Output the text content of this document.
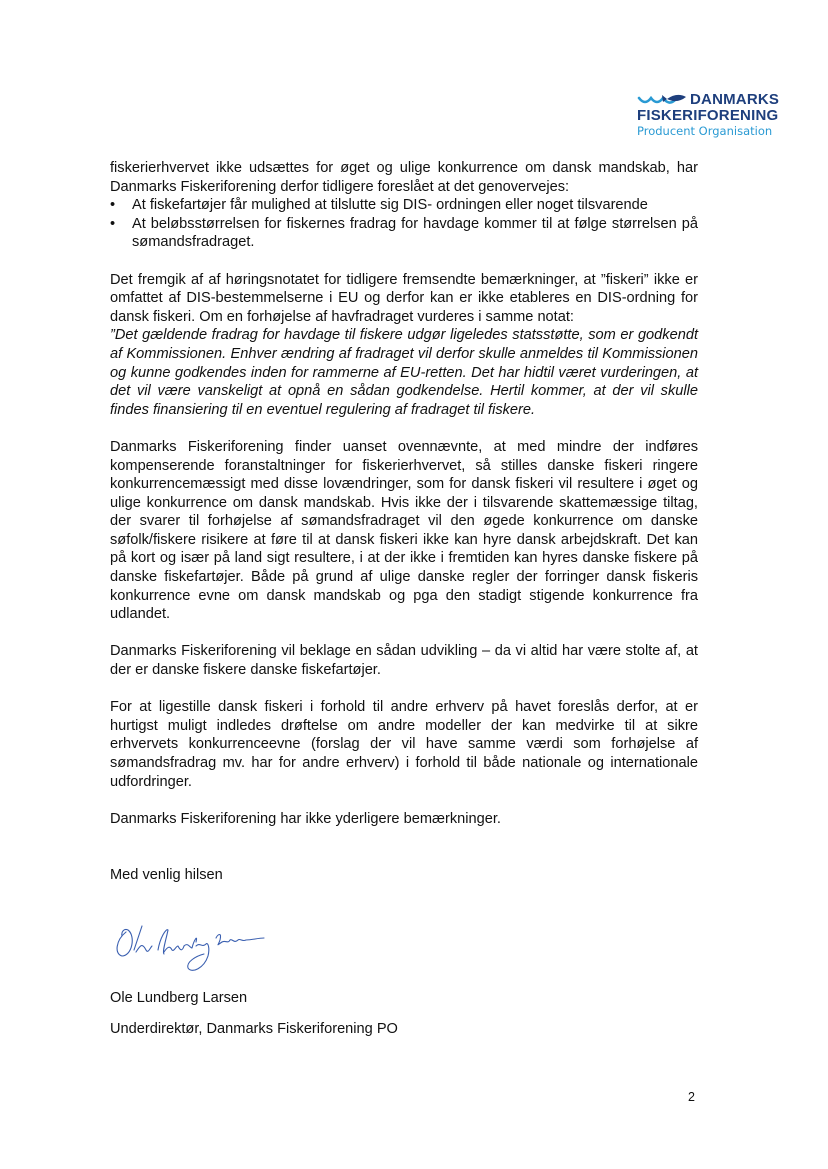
DANMARKS
FISKERIFORENING
Producent Organisation

fiskerierhvervet ikke udsættes for øget og ulige konkurrence om dansk mandskab, har Danmarks Fiskeriforening derfor tidligere foreslået at det genovervejes:

• At fiskefartøjer får mulighed at tilslutte sig DIS- ordningen eller noget tilsvarende
• At beløbsstørrelsen for fiskernes fradrag for havdage kommer til at følge størrelsen på sømandsfradraget.

Det fremgik af af høringsnotatet for tidligere fremsendte bemærkninger, at ”fiskeri” ikke er omfattet af DIS-bestemmelserne i EU og derfor kan er ikke etableres en DIS-ordning for dansk fiskeri. Om en forhøjelse af havfradraget vurderes i samme notat:
”Det gældende fradrag for havdage til fiskere udgør ligeledes statsstøtte, som er godkendt af Kommissionen. Enhver ændring af fradraget vil derfor skulle anmeldes til Kommissionen og kunne godkendes inden for rammerne af EU-retten. Det har hidtil været vurderingen, at det vil være vanskeligt at opnå en sådan godkendelse. Hertil kommer, at der vil skulle findes finansiering til en eventuel regulering af fradraget til fiskere.

Danmarks Fiskeriforening finder uanset ovennævnte, at med mindre der indføres kompenserende foranstaltninger for fiskerierhvervet, så stilles danske fiskeri ringere konkurrencemæssigt med disse lovændringer, som for dansk fiskeri vil resultere i øget og ulige konkurrence om dansk mandskab. Hvis ikke der i tilsvarende skattemæssige tiltag, der svarer til forhøjelse af sømandsfradraget vil den øgede konkurrence om danske søfolk/fiskere risikere at føre til at dansk fiskeri ikke kan hyre dansk arbejdskraft. Det kan på kort og især på land sigt resultere, i at der ikke i fremtiden kan hyres danske fiskere på danske fiskefartøjer. Både på grund af ulige danske regler der forringer dansk fiskeris konkurrence evne om dansk mandskab og pga den stadigt stigende konkurrence fra udlandet.

Danmarks Fiskeriforening vil beklage en sådan udvikling – da vi altid har være stolte af, at der er danske fiskere danske fiskefartøjer.

For at ligestille dansk fiskeri i forhold til andre erhverv på havet foreslås derfor, at er hurtigst muligt indledes drøftelse om andre modeller der kan medvirke til at sikre erhvervets konkurrenceevne (forslag der vil have samme værdi som forhøjelse af sømandsfradrag mv. har for andre erhverv) i forhold til både nationale og internationale udfordringer.

Danmarks Fiskeriforening har ikke yderligere bemærkninger.

Med venlig hilsen
Ole Lundberg Larsen
Underdirektør, Danmarks Fiskeriforening PO
2
